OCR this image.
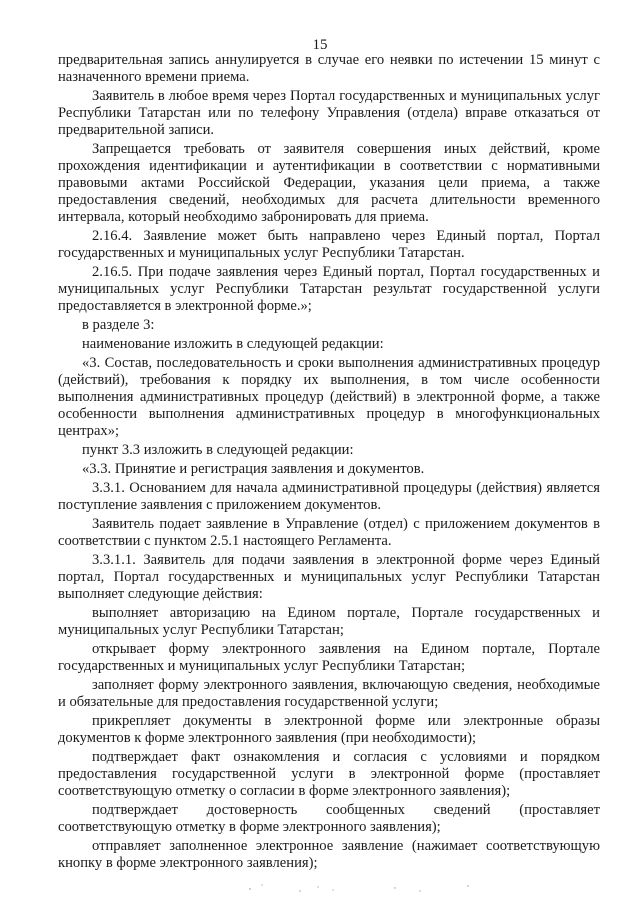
15

предварительная запись аннулируется в случае его неявки по истечении 15 минут с назначенного времени приема.

Заявитель в любое время через Портал государственных и муниципальных услуг Республики Татарстан или по телефону Управления (отдела) вправе отказаться от предварительной записи.

Запрещается требовать от заявителя совершения иных действий, кроме прохождения идентификации и аутентификации в соответствии с нормативными правовыми актами Российской Федерации, указания цели приема, а также предоставления сведений, необходимых для расчета длительности временного интервала, который необходимо забронировать для приема.

2.16.4. Заявление может быть направлено через Единый портал, Портал государственных и муниципальных услуг Республики Татарстан.

2.16.5. При подаче заявления через Единый портал, Портал государственных и муниципальных услуг Республики Татарстан результат государственной услуги предоставляется в электронной форме.»;

в разделе 3:

наименование изложить в следующей редакции:

«3. Состав, последовательность и сроки выполнения административных процедур (действий), требования к порядку их выполнения, в том числе особенности выполнения административных процедур (действий) в электронной форме, а также особенности выполнения административных процедур в многофункциональных центрах»;

пункт 3.3 изложить в следующей редакции:

«3.3. Принятие и регистрация заявления и документов.

3.3.1. Основанием для начала административной процедуры (действия) является поступление заявления с приложением документов.

Заявитель подает заявление в Управление (отдел) с приложением документов в соответствии с пунктом 2.5.1 настоящего Регламента.

3.3.1.1. Заявитель для подачи заявления в электронной форме через Единый портал, Портал государственных и муниципальных услуг Республики Татарстан выполняет следующие действия:

выполняет авторизацию на Едином портале, Портале государственных и муниципальных услуг Республики Татарстан;

открывает форму электронного заявления на Едином портале, Портале государственных и муниципальных услуг Республики Татарстан;

заполняет форму электронного заявления, включающую сведения, необходимые и обязательные для предоставления государственной услуги;

прикрепляет документы в электронной форме или электронные образы документов к форме электронного заявления (при необходимости);

подтверждает факт ознакомления и согласия с условиями и порядком предоставления государственной услуги в электронной форме (проставляет соответствующую отметку о согласии в форме электронного заявления);

подтверждает достоверность сообщенных сведений (проставляет соответствующую отметку в форме электронного заявления);

отправляет заполненное электронное заявление (нажимает соответствующую кнопку в форме электронного заявления);
